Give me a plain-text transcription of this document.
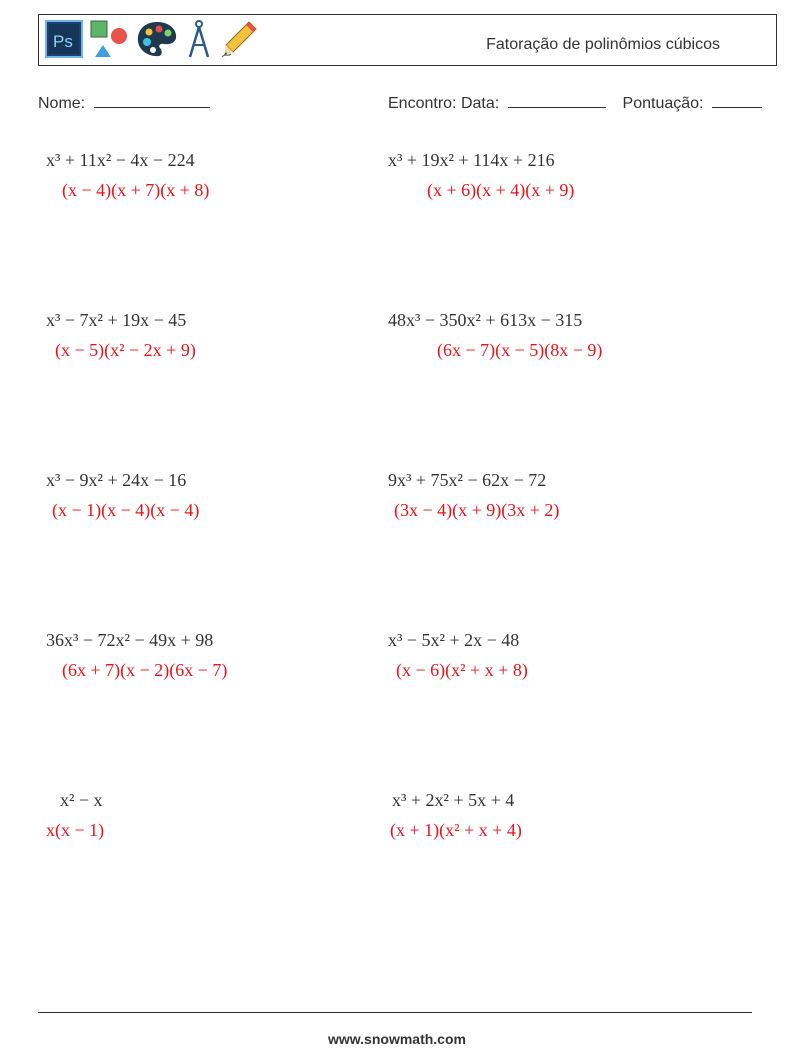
Ps	Fatoração de polinômios cúbicos
Nome:	Encontro: Data:	Pontuação:
x³ + 11x² − 4x − 224
(x − 4)(x + 7)(x + 8)
x³ + 19x² + 114x + 216
(x + 6)(x + 4)(x + 9)
x³ − 7x² + 19x − 45
(x − 5)(x² − 2x + 9)
48x³ − 350x² + 613x − 315
(6x − 7)(x − 5)(8x − 9)
x³ − 9x² + 24x − 16
(x − 1)(x − 4)(x − 4)
9x³ + 75x² − 62x − 72
(3x − 4)(x + 9)(3x + 2)
36x³ − 72x² − 49x + 98
(6x + 7)(x − 2)(6x − 7)
x³ − 5x² + 2x − 48
(x − 6)(x² + x + 8)
x² − x
x(x − 1)
x³ + 2x² + 5x + 4
(x + 1)(x² + x + 4)
www.snowmath.com
